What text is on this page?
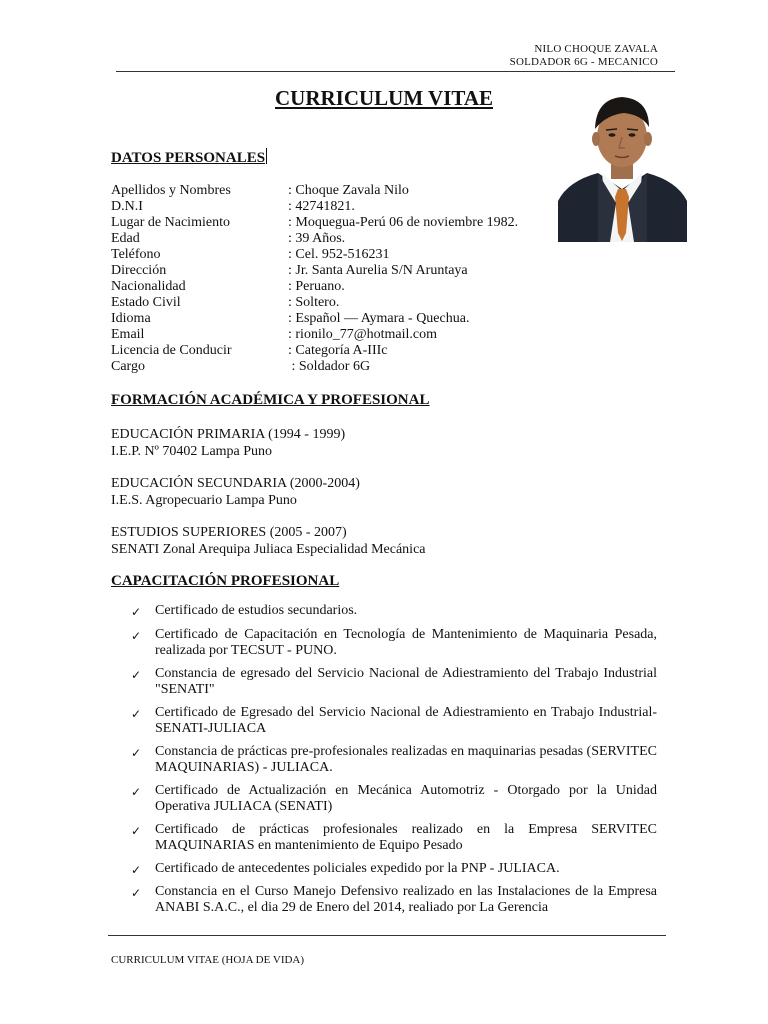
NILO CHOQUE ZAVALA
SOLDADOR 6G - MECANICO
CURRICULUM VITAE
DATOS PERSONALES
Apellidos y Nombres	: Choque Zavala Nilo
D.N.I	: 42741821.
Lugar de Nacimiento	: Moquegua-Perú 06 de noviembre 1982.
Edad	: 39 Años.
Teléfono	: Cel. 952-516231
Dirección	: Jr. Santa Aurelia S/N Aruntaya
Nacionalidad	: Peruano.
Estado Civil	: Soltero.
Idioma	: Español — Aymara - Quechua.
Email	: rionilo_77@hotmail.com
Licencia de Conducir	: Categoría A-IIIc
Cargo	: Soldador 6G
FORMACIÓN ACADÉMICA Y PROFESIONAL
EDUCACIÓN PRIMARIA (1994 - 1999)
I.E.P. Nº 70402 Lampa Puno
EDUCACIÓN SECUNDARIA (2000-2004)
I.E.S. Agropecuario Lampa Puno
ESTUDIOS SUPERIORES (2005 - 2007)
SENATI Zonal Arequipa Juliaca Especialidad Mecánica
CAPACITACIÓN PROFESIONAL
✓ Certificado de estudios secundarios.
✓ Certificado de Capacitación en Tecnología de Mantenimiento de Maquinaria Pesada, realizada por TECSUT - PUNO.
✓ Constancia de egresado del Servicio Nacional de Adiestramiento del Trabajo Industrial "SENATI"
✓ Certificado de Egresado del Servicio Nacional de Adiestramiento en Trabajo Industrial- SENATI-JULIACA
✓ Constancia de prácticas pre-profesionales realizadas en maquinarias pesadas (SERVITEC MAQUINARIAS) - JULIACA.
✓ Certificado de Actualización en Mecánica Automotriz - Otorgado por la Unidad Operativa JULIACA (SENATI)
✓ Certificado de prácticas profesionales realizado en la Empresa SERVITEC MAQUINARIAS en mantenimiento de Equipo Pesado
✓ Certificado de antecedentes policiales expedido por la PNP - JULIACA.
✓ Constancia en el Curso Manejo Defensivo realizado en las Instalaciones de la Empresa ANABI S.A.C., el dia 29 de Enero del 2014, realiado por La Gerencia
CURRICULUM VITAE (HOJA DE VIDA)
